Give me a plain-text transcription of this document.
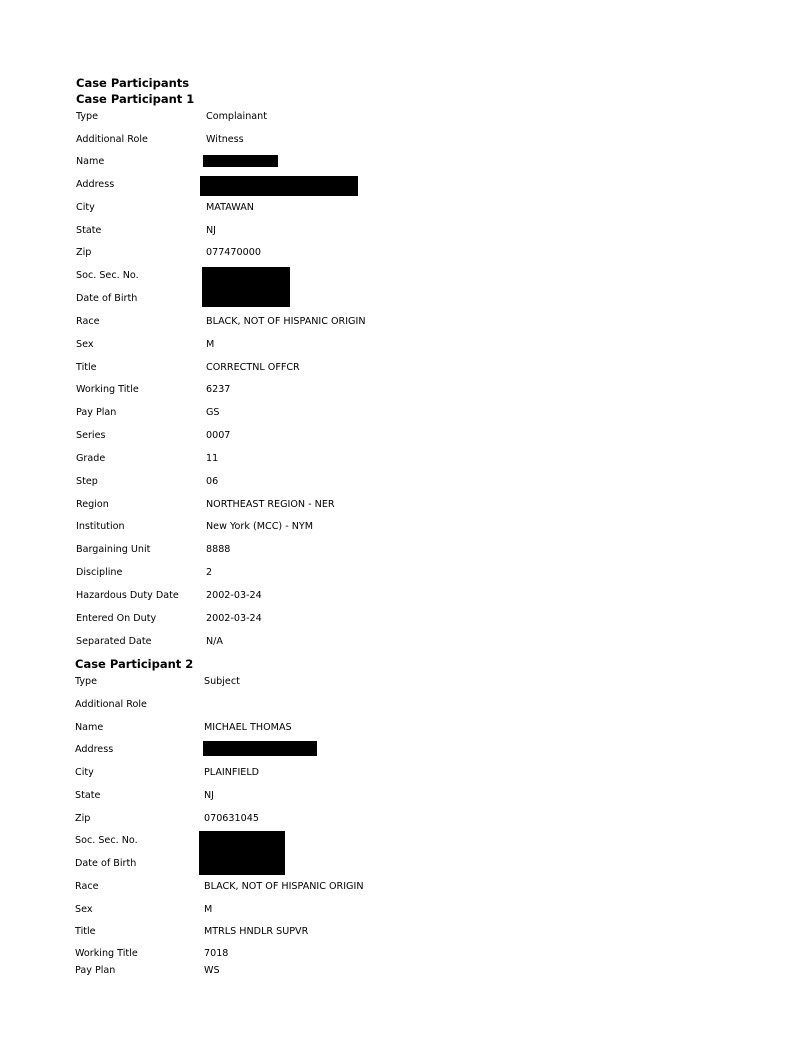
Case Participants
Case Participant 1
Type	Complainant
Additional Role	Witness
Name
Address
City	MATAWAN
State	NJ
Zip	077470000
Soc. Sec. No.
Date of Birth
Race	BLACK, NOT OF HISPANIC ORIGIN
Sex	M
Title	CORRECTNL OFFCR
Working Title	6237
Pay Plan	GS
Series	0007
Grade	11
Step	06
Region	NORTHEAST REGION - NER
Institution	New York (MCC) - NYM
Bargaining Unit	8888
Discipline	2
Hazardous Duty Date	2002-03-24
Entered On Duty	2002-03-24
Separated Date	N/A
Case Participant 2
Type	Subject
Additional Role
Name	MICHAEL THOMAS
Address
City	PLAINFIELD
State	NJ
Zip	070631045
Soc. Sec. No.
Date of Birth
Race	BLACK, NOT OF HISPANIC ORIGIN
Sex	M
Title	MTRLS HNDLR SUPVR
Working Title	7018
Pay Plan	WS
